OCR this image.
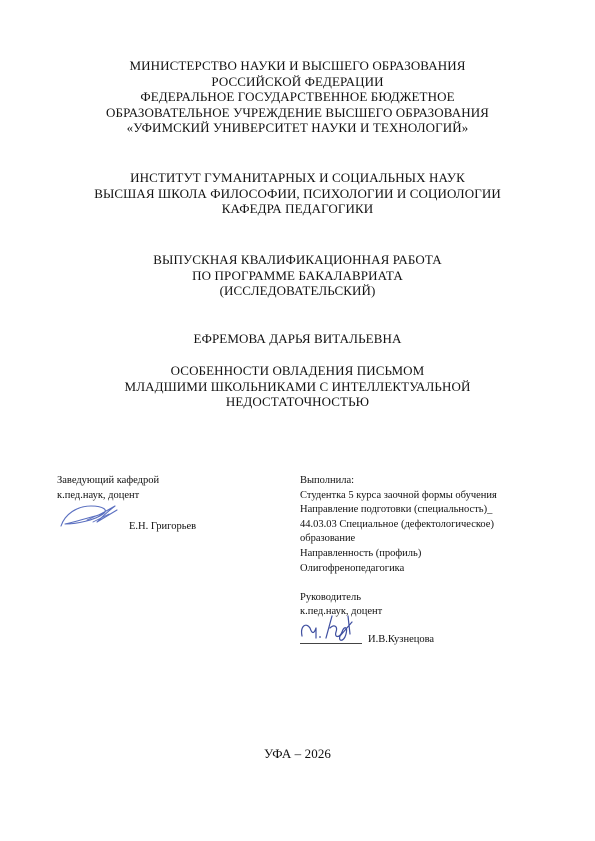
МИНИСТЕРСТВО НАУКИ И ВЫСШЕГО ОБРАЗОВАНИЯ
РОССИЙСКОЙ ФЕДЕРАЦИИ
ФЕДЕРАЛЬНОЕ ГОСУДАРСТВЕННОЕ БЮДЖЕТНОЕ
ОБРАЗОВАТЕЛЬНОЕ УЧРЕЖДЕНИЕ ВЫСШЕГО ОБРАЗОВАНИЯ
«УФИМСКИЙ УНИВЕРСИТЕТ НАУКИ И ТЕХНОЛОГИЙ»
ИНСТИТУТ ГУМАНИТАРНЫХ И СОЦИАЛЬНЫХ НАУК
ВЫСШАЯ ШКОЛА ФИЛОСОФИИ, ПСИХОЛОГИИ И СОЦИОЛОГИИ
КАФЕДРА ПЕДАГОГИКИ
ВЫПУСКНАЯ КВАЛИФИКАЦИОННАЯ РАБОТА
ПО ПРОГРАММЕ БАКАЛАВРИАТА
(ИССЛЕДОВАТЕЛЬСКИЙ)
ЕФРЕМОВА ДАРЬЯ ВИТАЛЬЕВНА
ОСОБЕННОСТИ ОВЛАДЕНИЯ ПИСЬМОМ
МЛАДШИМИ ШКОЛЬНИКАМИ С ИНТЕЛЛЕКТУАЛЬНОЙ
НЕДОСТАТОЧНОСТЬЮ
Заведующий кафедрой
к.пед.наук, доцент
Е.Н. Григорьев
Выполнила:
Студентка 5 курса заочной формы обучения
Направление подготовки (специальность)_
44.03.03 Специальное (дефектологическое)
образование
Направленность (профиль)
Олигофренопедагогика

Руководитель
к.пед.наук, доцент
И.В.Кузнецова
УФА – 2026
